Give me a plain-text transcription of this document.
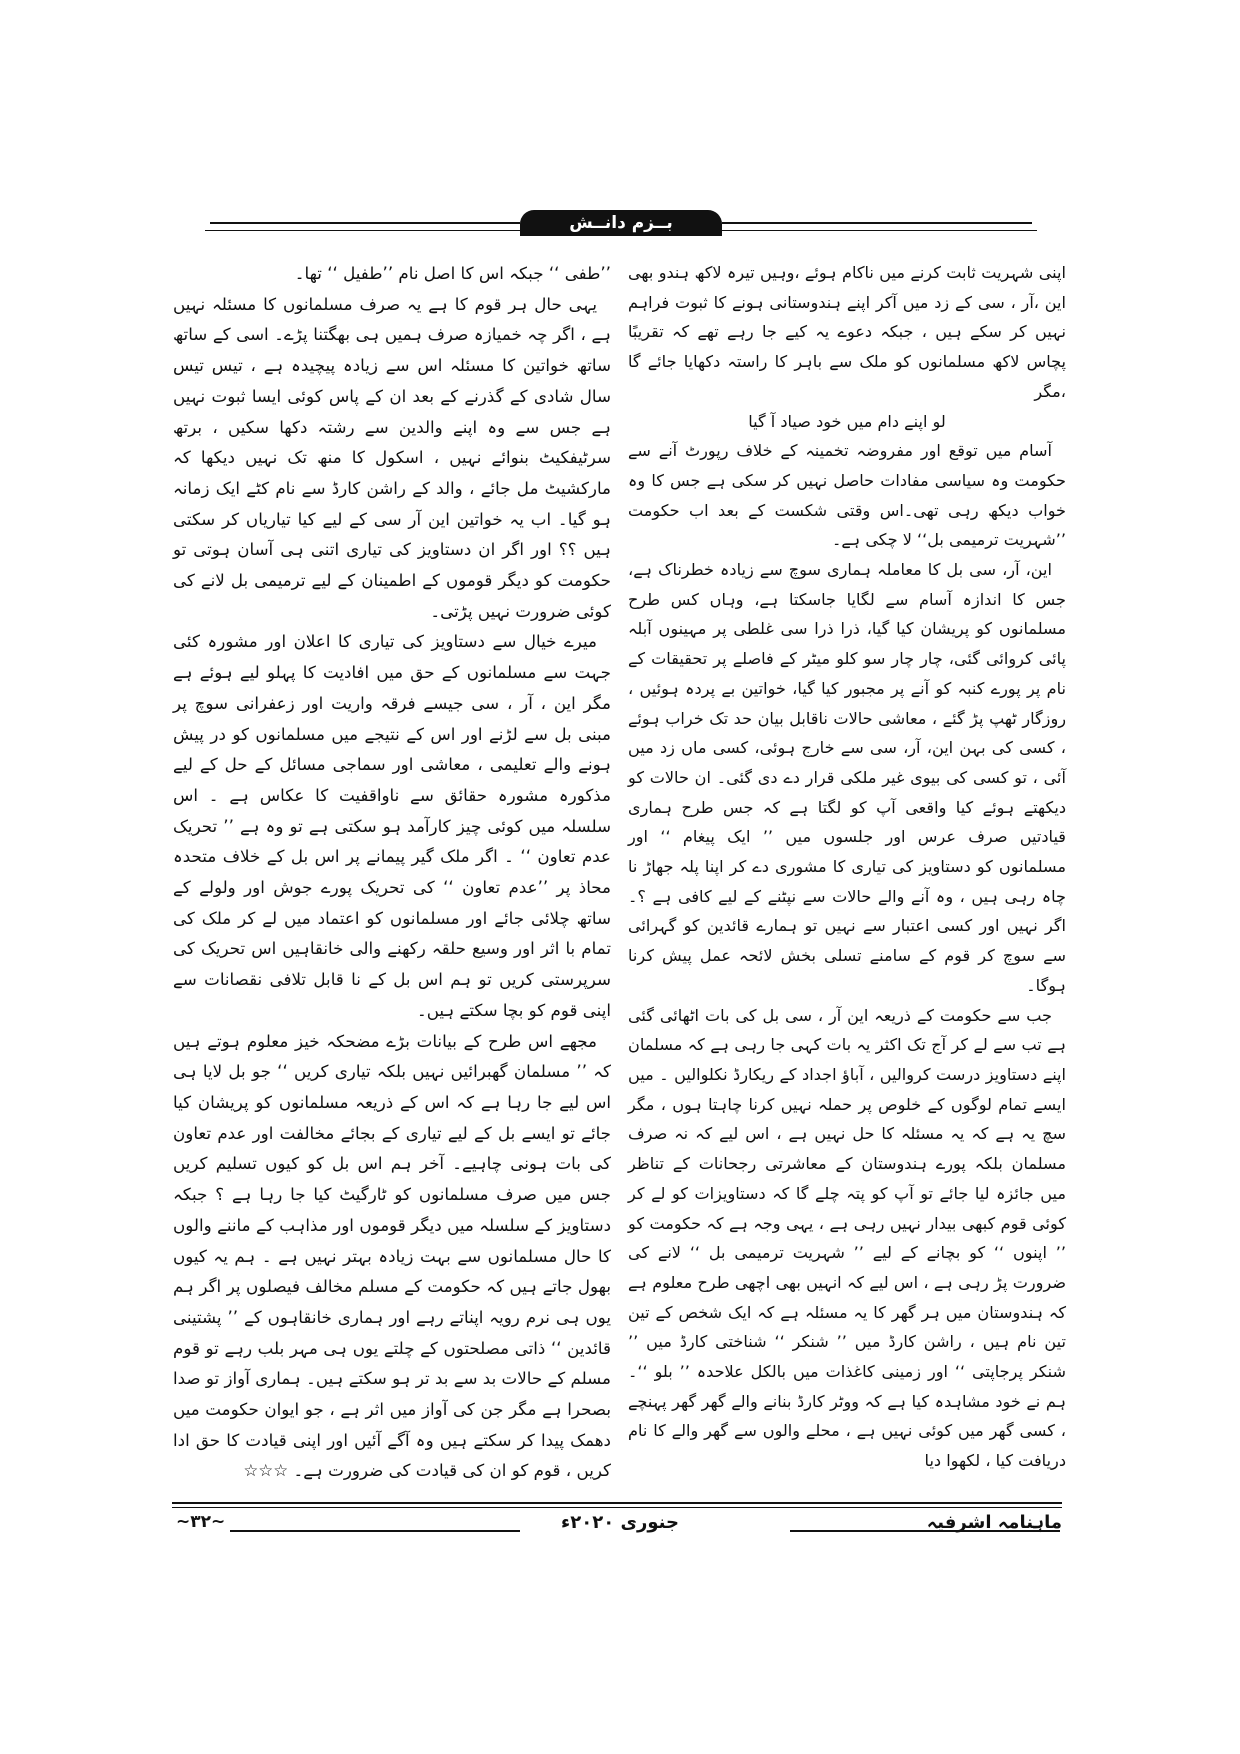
بــزم دانــش

اپنی شہریت ثابت کرنے میں ناکام ہوئے ،وہیں تیرہ لاکھ ہندو بھی این ،آر ، سی کے زد میں آکر اپنے ہندوستانی ہونے کا ثبوت فراہم نہیں کر سکے ہیں ، جبکہ دعوے یہ کیے جا رہے تھے کہ تقریبًا پچاس لاکھ مسلمانوں کو ملک سے باہر کا راستہ دکھایا جائے گا ،مگر

لو اپنے دام میں خود صیاد آ گیا

آسام میں توقع اور مفروضہ تخمینہ کے خلاف رپورٹ آنے سے حکومت وہ سیاسی مفادات حاصل نہیں کر سکی ہے جس کا وہ خواب دیکھ رہی تھی۔اس وقتی شکست کے بعد اب حکومت ’’شہریت ترمیمی بل‘‘ لا چکی ہے۔

این، آر، سی بل کا معاملہ ہماری سوچ سے زیادہ خطرناک ہے، جس کا اندازہ آسام سے لگایا جاسکتا ہے، وہاں کس طرح مسلمانوں کو پریشان کیا گیا، ذرا ذرا سی غلطی پر مہینوں آبلہ پائی کروائی گئی، چار چار سو کلو میٹر کے فاصلے پر تحقیقات کے نام پر پورے کنبہ کو آنے پر مجبور کیا گیا، خواتین بے پردہ ہوئیں ، روزگار ٹھپ پڑ گئے ، معاشی حالات ناقابل بیان حد تک خراب ہوئے ، کسی کی بہن این، آر، سی سے خارج ہوئی، کسی ماں زد میں آئی ، تو کسی کی بیوی غیر ملکی قرار دے دی گئی۔ ان حالات کو دیکھتے ہوئے کیا واقعی آپ کو لگتا ہے کہ جس طرح ہماری قیادتیں صرف عرس اور جلسوں میں ’’ ایک پیغام ‘‘ اور مسلمانوں کو دستاویز کی تیاری کا مشوری دے کر اپنا پلہ جھاڑ نا چاہ رہی ہیں ، وہ آنے والے حالات سے نپٹنے کے لیے کافی ہے ؟۔ اگر نہیں اور کسی اعتبار سے نہیں تو ہمارے قائدین کو گہرائی سے سوچ کر قوم کے سامنے تسلی بخش لائحہ عمل پیش کرنا ہوگا۔

جب سے حکومت کے ذریعہ این آر ، سی بل کی بات اٹھائی گئی ہے تب سے لے کر آج تک اکثر یہ بات کہی جا رہی ہے کہ مسلمان اپنے دستاویز درست کروالیں ، آباؤ اجداد کے ریکارڈ نکلوالیں ۔ میں ایسے تمام لوگوں کے خلوص پر حملہ نہیں کرنا چاہتا ہوں ، مگر سچ یہ ہے کہ یہ مسئلہ کا حل نہیں ہے ، اس لیے کہ نہ صرف مسلمان بلکہ پورے ہندوستان کے معاشرتی رجحانات کے تناظر میں جائزہ لیا جائے تو آپ کو پتہ چلے گا کہ دستاویزات کو لے کر کوئی قوم کبھی بیدار نہیں رہی ہے ، یہی وجہ ہے کہ حکومت کو ’’ اپنوں ‘‘ کو بچانے کے لیے ’’ شہریت ترمیمی بل ‘‘ لانے کی ضرورت پڑ رہی ہے ، اس لیے کہ انہیں بھی اچھی طرح معلوم ہے کہ ہندوستان میں ہر گھر کا یہ مسئلہ ہے کہ ایک شخص کے تین تین نام ہیں ، راشن کارڈ میں ’’ شنکر ‘‘ شناختی کارڈ میں ’’ شنکر پرجاپتی ‘‘ اور زمینی کاغذات میں بالکل علاحدہ ’’ بلو ‘‘۔ ہم نے خود مشاہدہ کیا ہے کہ ووٹر کارڈ بنانے والے گھر گھر پہنچے ، کسی گھر میں کوئی نہیں ہے ، محلے والوں سے گھر والے کا نام دریافت کیا ، لکھوا دیا

’’طفی ‘‘ جبکہ اس کا اصل نام ’’طفیل ‘‘ تھا۔

یہی حال ہر قوم کا ہے یہ صرف مسلمانوں کا مسئلہ نہیں ہے ، اگر چہ خمیازہ صرف ہمیں ہی بھگتنا پڑے۔ اسی کے ساتھ ساتھ خواتین کا مسئلہ اس سے زیادہ پیچیدہ ہے ، تیس تیس سال شادی کے گذرنے کے بعد ان کے پاس کوئی ایسا ثبوت نہیں ہے جس سے وہ اپنے والدین سے رشتہ دکھا سکیں ، برتھ سرٹیفکیٹ بنوائے نہیں ، اسکول کا منھ تک نہیں دیکھا کہ مارکشیٹ مل جائے ، والد کے راشن کارڈ سے نام کٹے ایک زمانہ ہو گیا۔ اب یہ خواتین این آر سی کے لیے کیا تیاریاں کر سکتی ہیں ؟؟ اور اگر ان دستاویز کی تیاری اتنی ہی آسان ہوتی تو حکومت کو دیگر قوموں کے اطمینان کے لیے ترمیمی بل لانے کی کوئی ضرورت نہیں پڑتی۔

میرے خیال سے دستاویز کی تیاری کا اعلان اور مشورہ کئی جہت سے مسلمانوں کے حق میں افادیت کا پہلو لیے ہوئے ہے مگر این ، آر ، سی جیسے فرقہ واریت اور زعفرانی سوچ پر مبنی بل سے لڑنے اور اس کے نتیجے میں مسلمانوں کو در پیش ہونے والے تعلیمی ، معاشی اور سماجی مسائل کے حل کے لیے مذکورہ مشورہ حقائق سے ناواقفیت کا عکاس ہے ۔ اس سلسلہ میں کوئی چیز کارآمد ہو سکتی ہے تو وہ ہے ’’ تحریک عدم تعاون ‘‘ ۔ اگر ملک گیر پیمانے پر اس بل کے خلاف متحدہ محاذ پر ’’عدم تعاون ‘‘ کی تحریک پورے جوش اور ولولے کے ساتھ چلائی جائے اور مسلمانوں کو اعتماد میں لے کر ملک کی تمام با اثر اور وسیع حلقہ رکھنے والی خانقاہیں اس تحریک کی سرپرستی کریں تو ہم اس بل کے نا قابل تلافی نقصانات سے اپنی قوم کو بچا سکتے ہیں۔

مجھے اس طرح کے بیانات بڑے مضحکہ خیز معلوم ہوتے ہیں کہ ’’ مسلمان گھبرائیں نہیں بلکہ تیاری کریں ‘‘ جو بل لایا ہی اس لیے جا رہا ہے کہ اس کے ذریعہ مسلمانوں کو پریشان کیا جائے تو ایسے بل کے لیے تیاری کے بجائے مخالفت اور عدم تعاون کی بات ہونی چاہیے۔ آخر ہم اس بل کو کیوں تسلیم کریں جس میں صرف مسلمانوں کو ٹارگیٹ کیا جا رہا ہے ؟ جبکہ دستاویز کے سلسلہ میں دیگر قوموں اور مذاہب کے ماننے والوں کا حال مسلمانوں سے بہت زیادہ بہتر نہیں ہے ۔ ہم یہ کیوں بھول جاتے ہیں کہ حکومت کے مسلم مخالف فیصلوں پر اگر ہم یوں ہی نرم رویہ اپناتے رہے اور ہماری خانقاہوں کے ’’ پشتینی قائدین ‘‘ ذاتی مصلحتوں کے چلتے یوں ہی مہر بلب رہے تو قوم مسلم کے حالات بد سے بد تر ہو سکتے ہیں۔ ہماری آواز تو صدا بصحرا ہے مگر جن کی آواز میں اثر ہے ، جو ایوان حکومت میں دھمک پیدا کر سکتے ہیں وہ آگے آئیں اور اپنی قیادت کا حق ادا کریں ، قوم کو ان کی قیادت کی ضرورت ہے۔ ☆☆☆

ماہنامہ اشرفیہ
جنوری ۲۰۲۰ء
~۳۲~
